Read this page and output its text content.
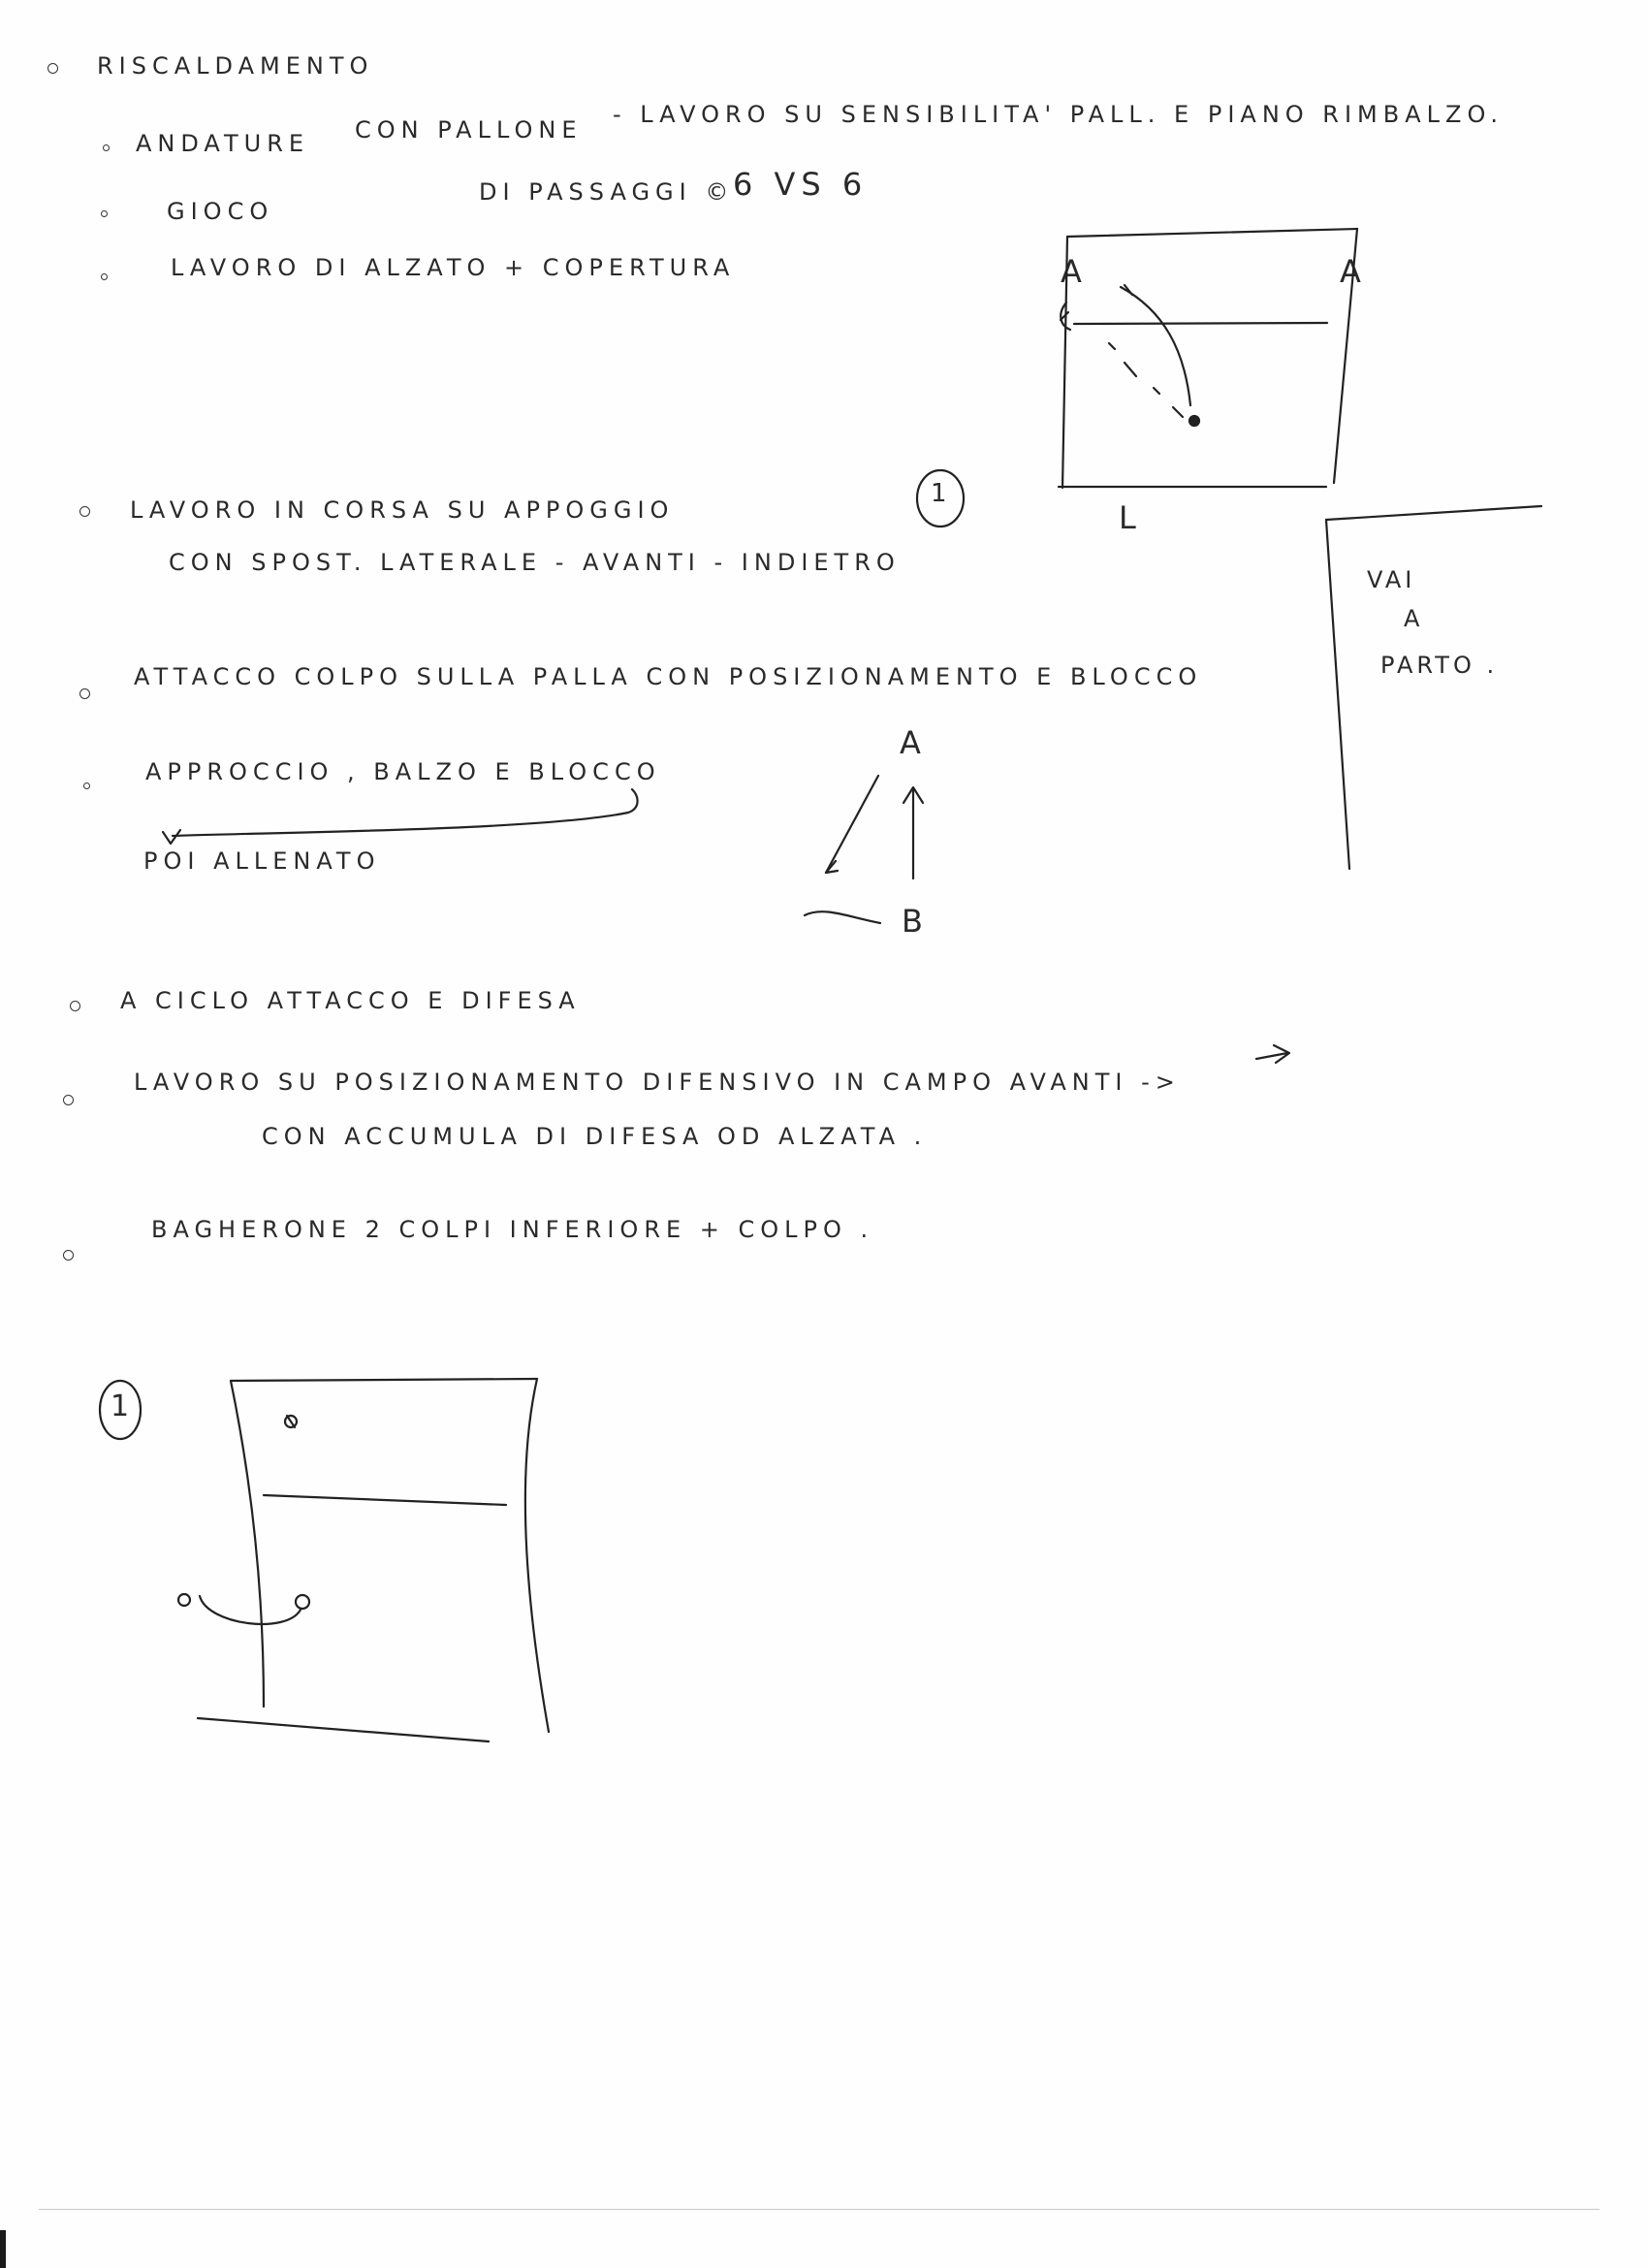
RISCALDAMENTO
ANDATURE CON PALLONE
- LAVORO SU SENSIBILITA' PALL. E PIANO RIMBALZO.
GIOCO
DI PASSAGGI ©
6 VS 6
LAVORO DI ALZATO + COPERTURA
LAVORO IN CORSA SU APPOGGIO
CON SPOST. LATERALE - AVANTI - INDIETRO
ATTACCO COLPO SULLA PALLA CON POSIZIONAMENTO E BLOCCO
APPROCCIO , BALZO E BLOCCO
POI ALLENATO
A CICLO ATTACCO E DIFESA
LAVORO SU POSIZIONAMENTO DIFENSIVO IN CAMPO AVANTI ->
CON ACCUMULA DI DIFESA OD ALZATA .
BAGHERONE 2 COLPI INFERIORE + COLPO .
VAI
A
PARTO .
A	A
L
1
A
B
1
